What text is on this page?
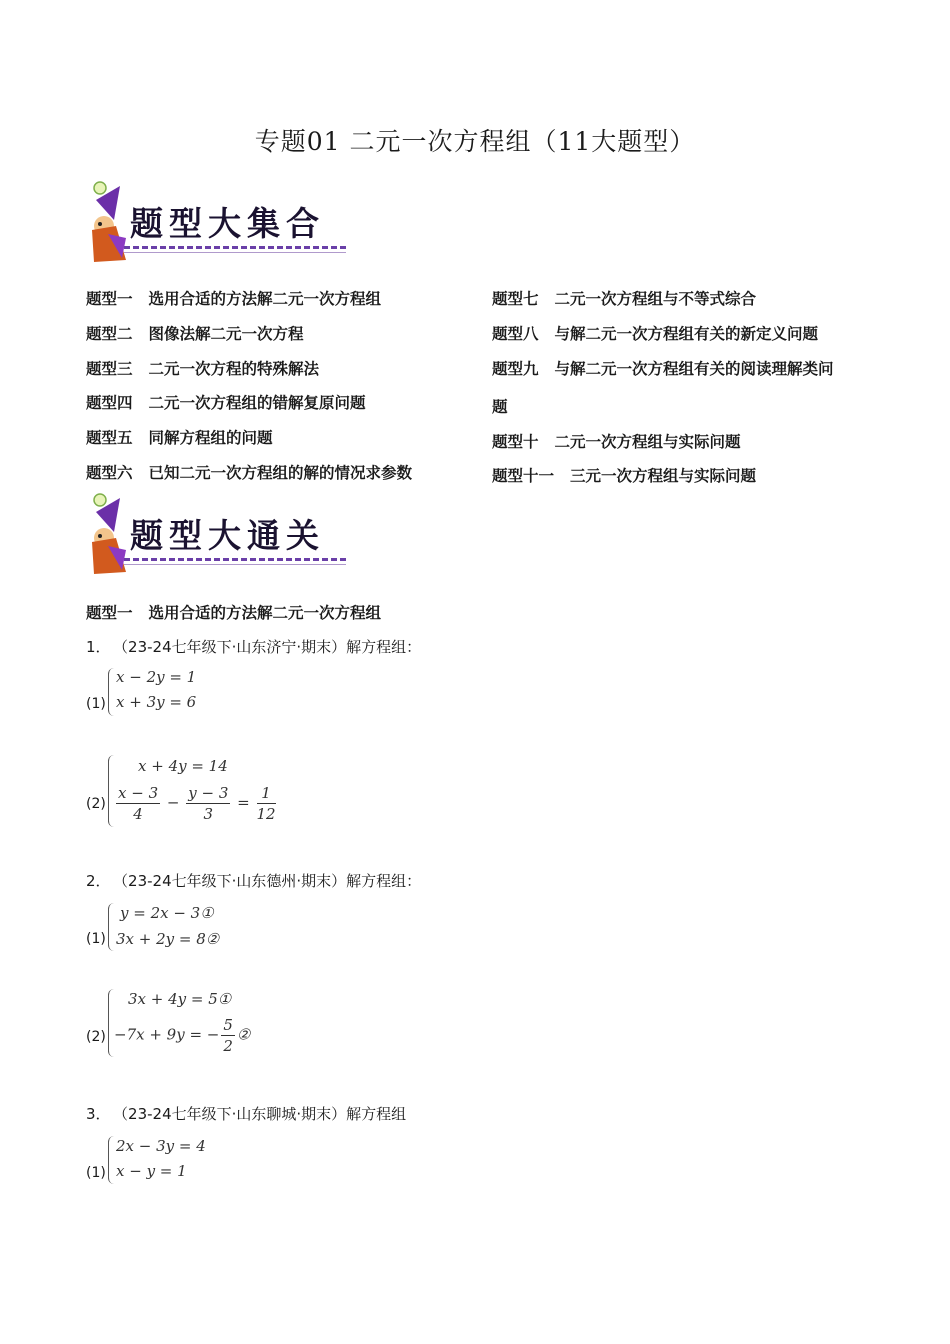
专题01 二元一次方程组（11大题型）
题型大集合
题型一 选用合适的方法解二元一次方程组
题型二 图像法解二元一次方程
题型三 二元一次方程的特殊解法
题型四 二元一次方程组的错解复原问题
题型五 同解方程组的问题
题型六 已知二元一次方程组的解的情况求参数
题型七 二元一次方程组与不等式综合
题型八 与解二元一次方程组有关的新定义问题
题型九 与解二元一次方程组有关的阅读理解类问
题
题型十 二元一次方程组与实际问题
题型十一 三元一次方程组与实际问题
题型大通关
题型一 选用合适的方法解二元一次方程组
1． （23-24七年级下·山东济宁·期末）解方程组：
(1)
x − 2y = 1
x + 3y = 6
(2)
x + 4y = 14
$\frac{x - 3}{4} - \frac{y - 3}{3} = \frac{1}{12}$
2． （23-24七年级下·山东德州·期末）解方程组：
(1)
y = 2x − 3①
3x + 2y = 8②
(2)
3x + 4y = 5①
−7x + 9y = − $\frac{5}{2}$ ②
3． （23-24七年级下·山东聊城·期末）解方程组
(1)
2x − 3y = 4
x − y = 1
